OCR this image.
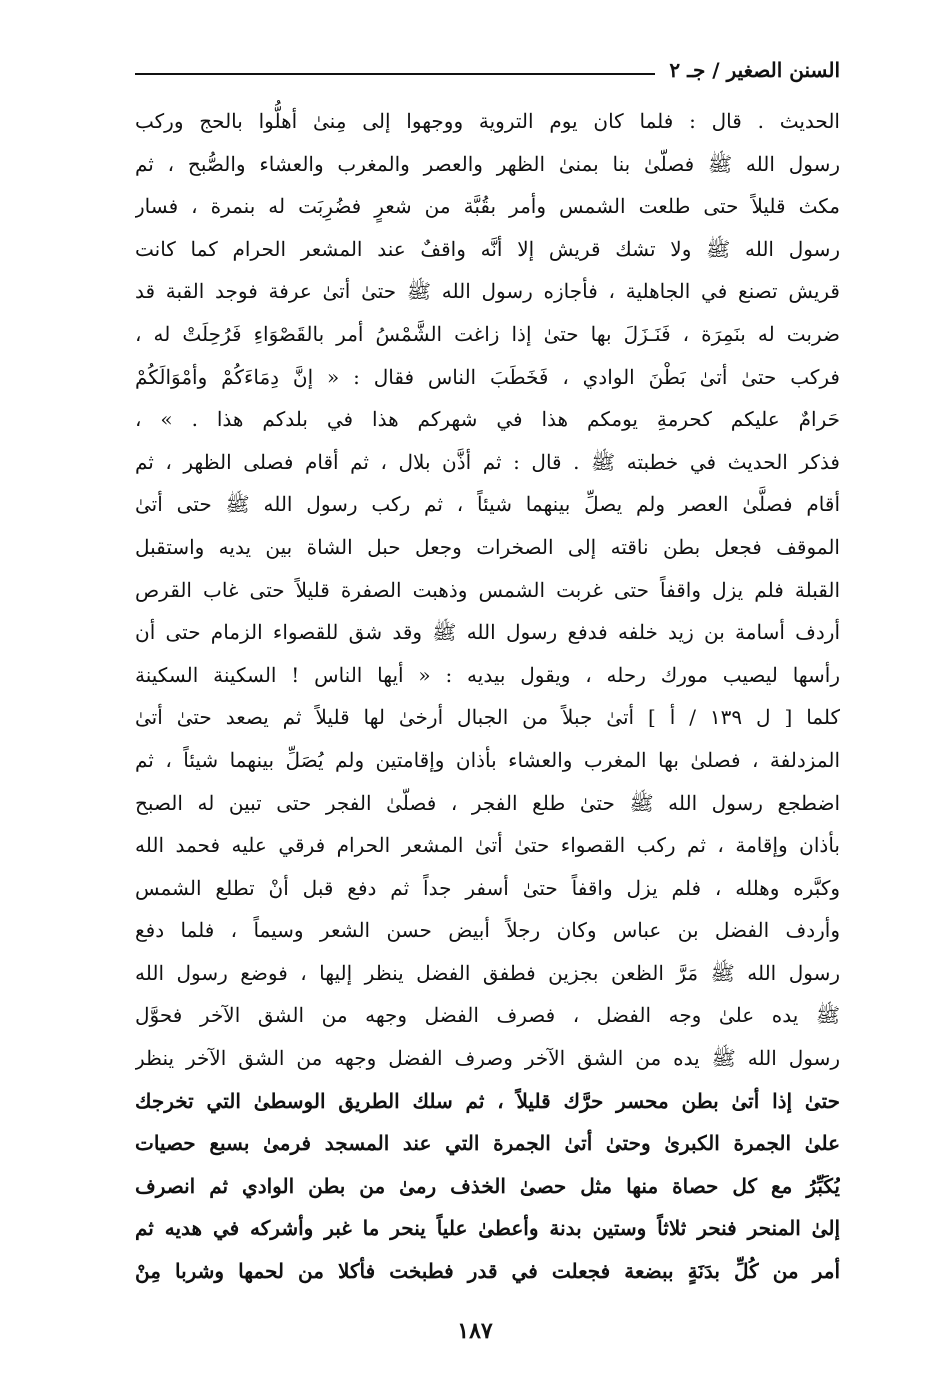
السنن الصغير / جـ ٢
الحديث . قال : فلما كان يوم التروية ووجهوا إلى مِنىٰ أهلُّوا بالحج وركب
رسول الله ﷺ فصلّىٰ بنا بمنىٰ الظهر والعصر والمغرب والعشاء والصُّبح ، ثم
مكث قليلاً حتى طلعت الشمس وأمر بقُبَّة من شعرٍ فضُرِبَت له بنمرة ، فسار
رسول الله ﷺ ولا تشك قريش إلا أنَّه واقفٌ عند المشعر الحرام كما كانت
قريش تصنع في الجاهلية ، فأجازه رسول الله ﷺ حتىٰ أتىٰ عرفة فوجد القبة قد
ضربت له بنَمِرَة ، فَنَـزَلَ بها حتىٰ إذا زاغت الشَّمْسُ أمر بالقَصْوَاءِ فَرُحِلَتْ له ،
فركب حتىٰ أتىٰ بَطْنَ الوادي ، فَخَطَبَ الناس فقال : « إنَّ دِمَاءَكُمْ وأمْوَالَكُمْ
حَرامٌ عليكم كحرمةِ يومكم هذا في شهركم هذا في بلدكم هذا . » ،
فذكر الحديث في خطبته ﷺ . قال : ثم أذَّن بلال ، ثم أقام فصلى الظهر ، ثم
أقام فصلَّىٰ العصر ولم يصلِّ بينهما شيئاً ، ثم ركب رسول الله ﷺ حتى أتىٰ
الموقف فجعل بطن ناقته إلى الصخرات وجعل حبل الشاة بين يديه واستقبل
القبلة فلم يزل واقفاً حتى غربت الشمس وذهبت الصفرة قليلاً حتى غاب القرص
أردف أسامة بن زيد خلفه فدفع رسول الله ﷺ وقد شق للقصواء الزمام حتى أن
رأسها ليصيب مورك رحله ، ويقول بيديه : « أيها الناس ! السكينة السكينة
كلما [ ل ١٣٩ / أ ] أتىٰ جبلاً من الجبال أرخىٰ لها قليلاً ثم يصعد حتىٰ أتىٰ
المزدلفة ، فصلىٰ بها المغرب والعشاء بأذان وإقامتين ولم يُصَلِّ بينهما شيئاً ، ثم
اضطجع رسول الله ﷺ حتىٰ طلع الفجر ، فصلّىٰ الفجر حتى تبين له الصبح
بأذان وإقامة ، ثم ركب القصواء حتىٰ أتىٰ المشعر الحرام فرقي عليه فحمد الله
وكبَّره وهلله ، فلم يزل واقفاً حتىٰ أسفر جداً ثم دفع قبل أنْ تطلع الشمس
وأردف الفضل بن عباس وكان رجلاً أبيض حسن الشعر وسيماً ، فلما دفع
رسول الله ﷺ مَرَّ الظعن بجزين فطفق الفضل ينظر إليها ، فوضع رسول الله
ﷺ يده علىٰ وجه الفضل ، فصرف الفضل وجهه من الشق الآخر فحوَّل
رسول الله ﷺ يده من الشق الآخر وصرف الفضل وجهه من الشق الآخر ينظر
حتىٰ إذا أتىٰ بطن محسر حرَّك قليلاً ، ثم سلك الطريق الوسطىٰ التي تخرجك
علىٰ الجمرة الكبرىٰ وحتىٰ أتىٰ الجمرة التي عند المسجد فرمىٰ بسبع حصيات
يُكَبِّرُ مع كل حصاة منها مثل حصىٰ الخذف رمىٰ من بطن الوادي ثم انصرف
إلىٰ المنحر فنحر ثلاثاً وستين بدنة وأعطىٰ علياً ينحر ما غبر وأشركه في هديه ثم
أمر من كُلِّ بدَنَةٍ ببضعة فجعلت في قدر فطبخت فأكلا من لحمها وشربا مِنْ
١٨٧
